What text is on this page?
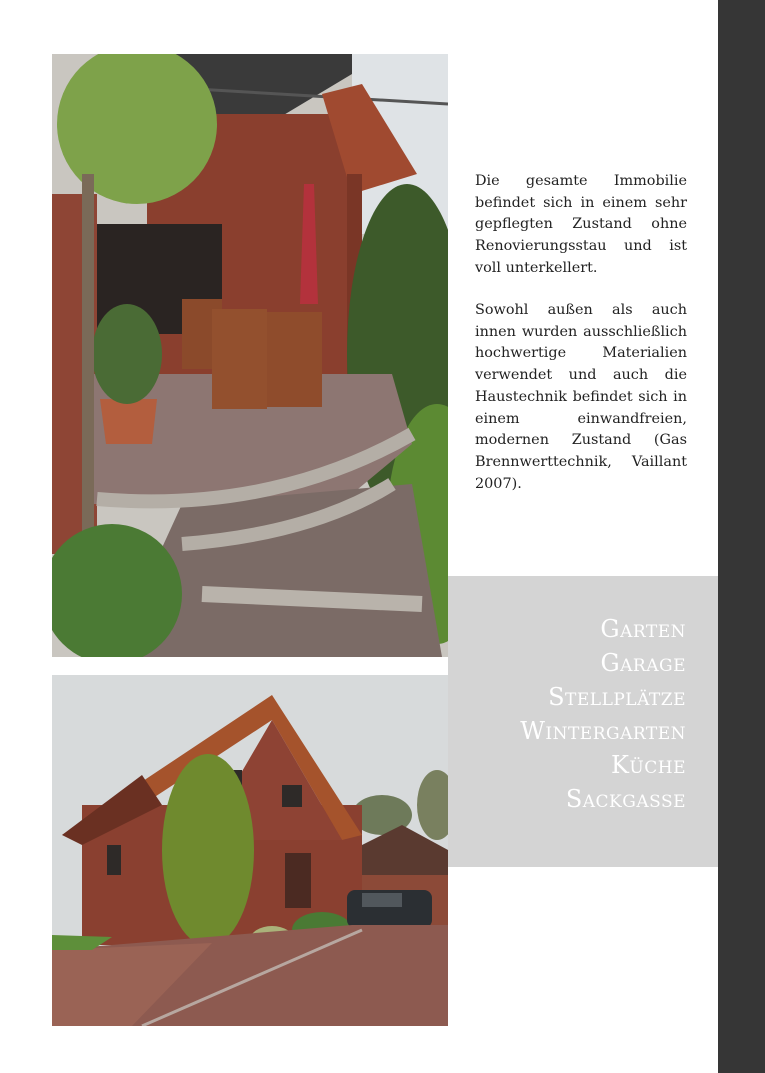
Die gesamte Immobilie befindet sich in einem sehr gepflegten Zustand ohne Renovierungsstau und ist voll unterkellert.
Sowohl außen als auch innen wurden ausschließlich hochwertige Materialien verwendet und auch die Haustechnik befindet sich in einem einwandfreien, modernen Zustand (Gas Brennwerttechnik, Vaillant 2007).
Garten
Garage
Stellplätze
Wintergarten
Küche
Sackgasse
